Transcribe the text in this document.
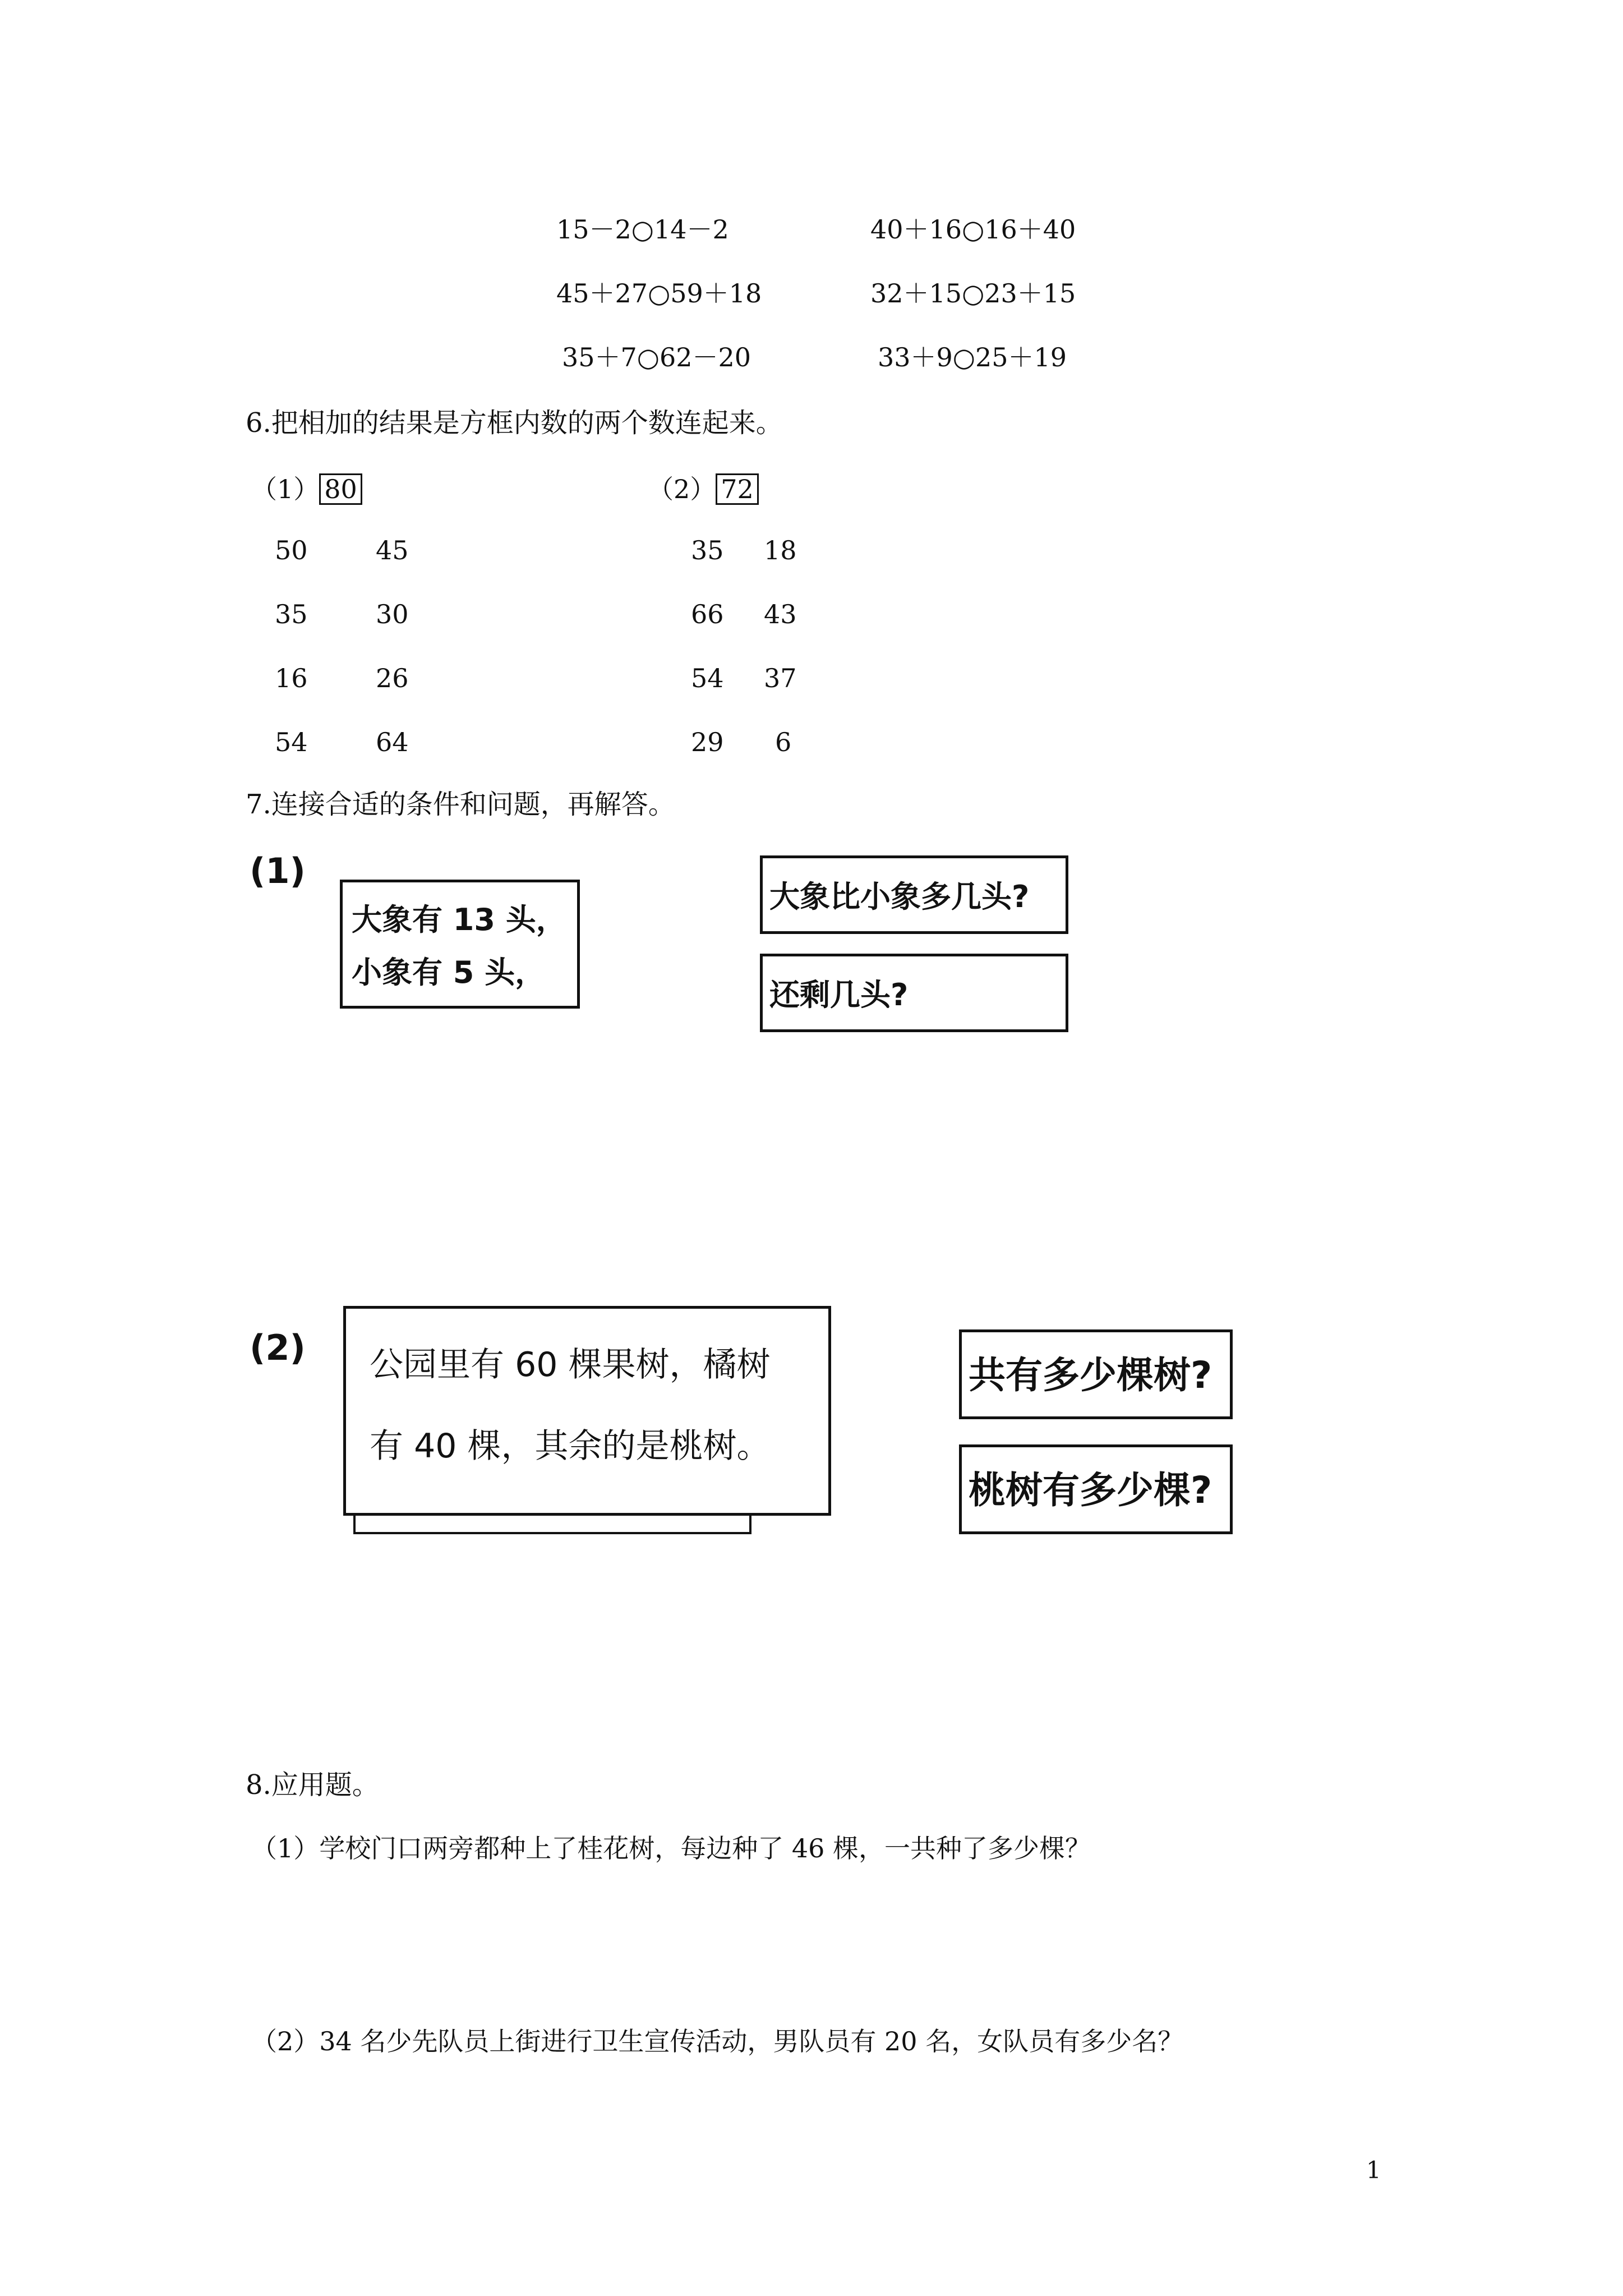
15－2○14－2	40＋16○16＋40
45＋27○59＋18	32＋15○23＋15
35＋7○62－20	33＋9○25＋19
6.把相加的结果是方框内数的两个数连起来。
（1） 80	（2） 72
50	45
35	30
16	26
54	64
35 18
66 43
54 37
29 6
7.连接合适的条件和问题，再解答。
(1)
大象有 13 头，
小象有 5 头，
大象比小象多几头?
还剩几头?
(2) 公园里有 60 棵果树，橘树
有 40 棵，其余的是桃树。
共有多少棵树?
桃树有多少棵?
8.应用题。
（1）学校门口两旁都种上了桂花树，每边种了 46 棵，一共种了多少棵？
（2）34 名少先队员上街进行卫生宣传活动，男队员有 20 名，女队员有多少名？
1
